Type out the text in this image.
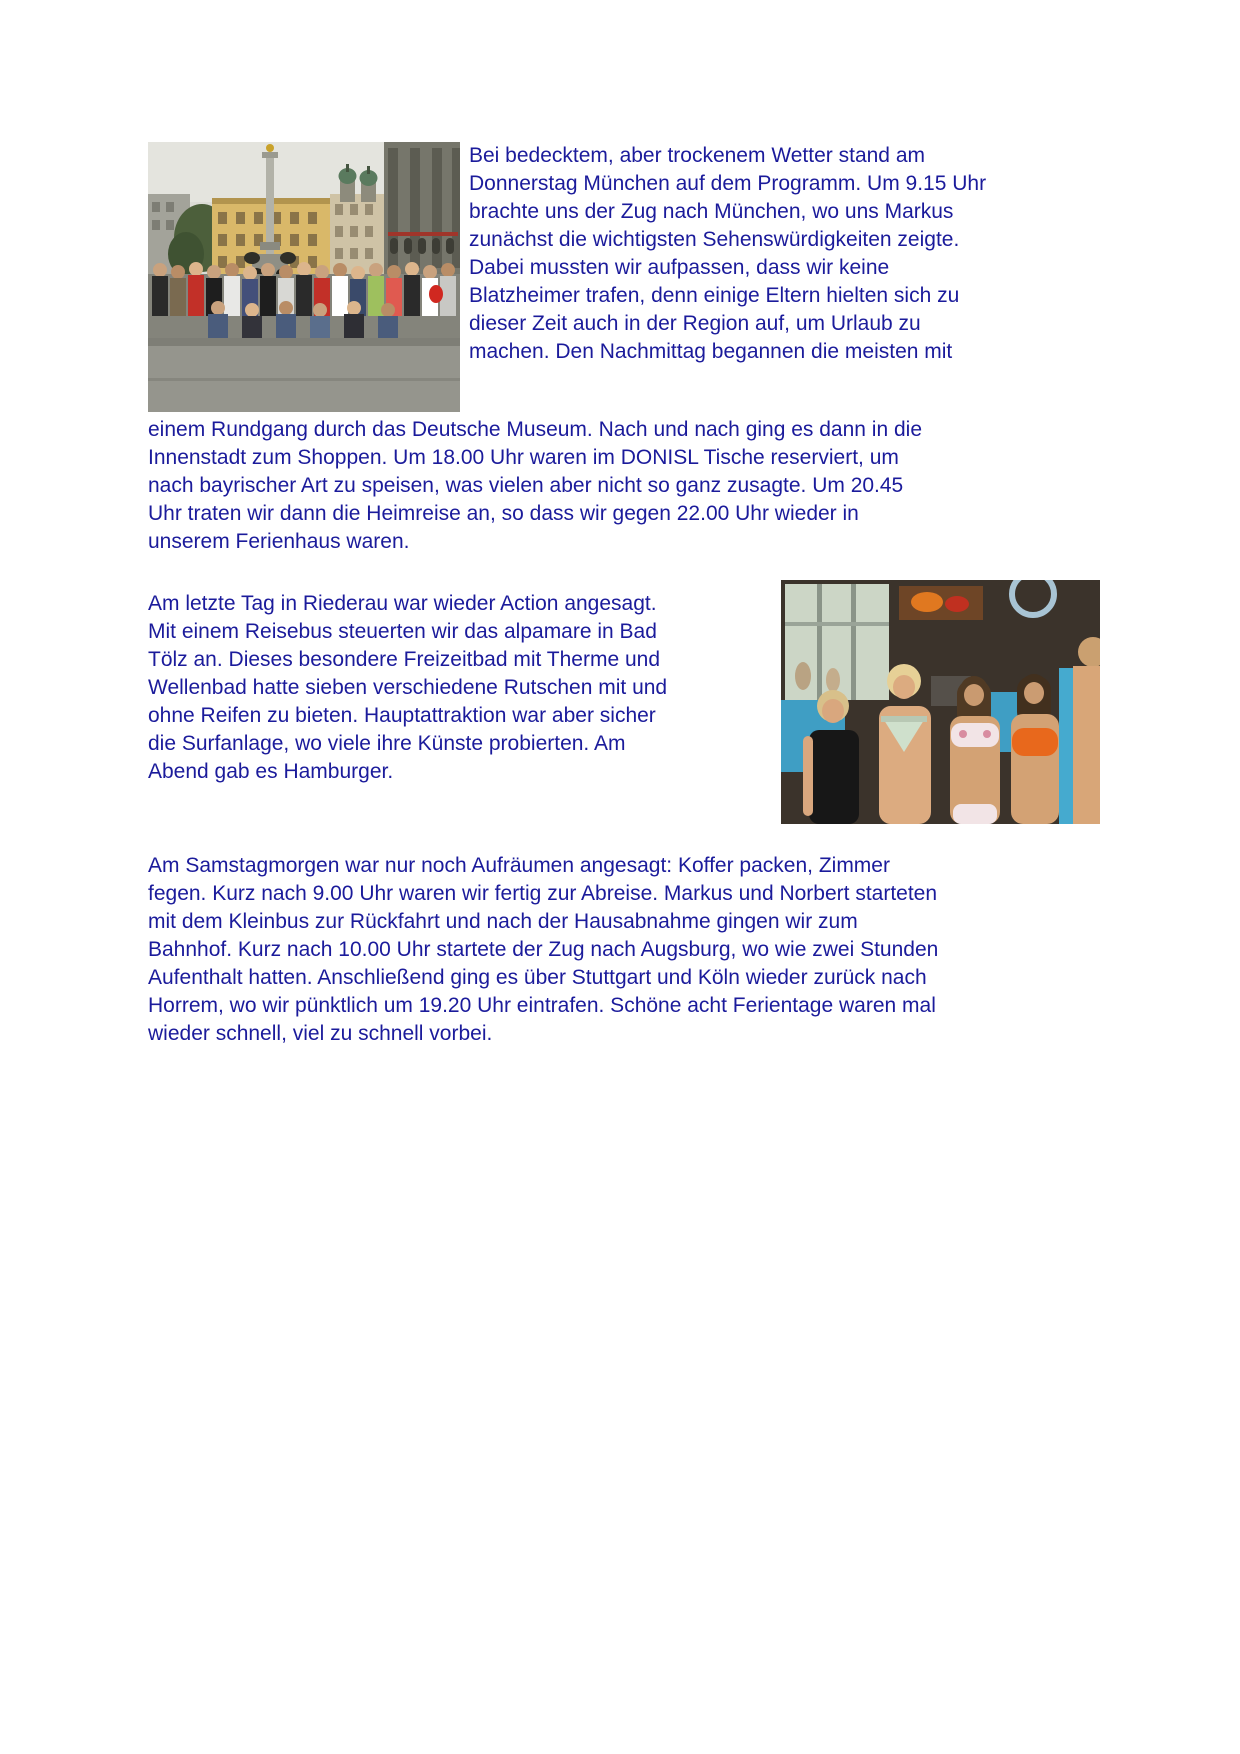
Bei bedecktem, aber trockenem Wetter stand am
Donnerstag München auf dem Programm. Um 9.15 Uhr
brachte uns der Zug nach München, wo uns Markus
zunächst die wichtigsten Sehenswürdigkeiten zeigte.
Dabei mussten wir aufpassen, dass wir keine
Blatzheimer trafen, denn einige Eltern hielten sich zu
dieser Zeit auch in der Region auf, um Urlaub zu
machen. Den Nachmittag begannen die meisten mit
einem Rundgang durch das Deutsche Museum. Nach und nach ging es dann in die
Innenstadt zum Shoppen. Um 18.00 Uhr waren im DONISL Tische reserviert, um
nach bayrischer Art zu speisen, was vielen aber nicht so ganz zusagte. Um 20.45
Uhr traten wir dann die Heimreise an, so dass wir gegen 22.00 Uhr wieder in
unserem Ferienhaus waren.
Am letzte Tag in Riederau war wieder Action angesagt.
Mit einem Reisebus steuerten wir das alpamare in Bad
Tölz an. Dieses besondere Freizeitbad mit Therme und
Wellenbad hatte sieben verschiedene Rutschen mit und
ohne Reifen zu bieten. Hauptattraktion war aber sicher
die Surfanlage, wo viele ihre Künste probierten. Am
Abend gab es Hamburger.
Am Samstagmorgen war nur noch Aufräumen angesagt: Koffer packen, Zimmer
fegen. Kurz nach 9.00 Uhr waren wir fertig zur Abreise. Markus und Norbert starteten
mit dem Kleinbus zur Rückfahrt und nach der Hausabnahme gingen wir zum
Bahnhof. Kurz nach 10.00 Uhr startete der Zug nach Augsburg, wo wie zwei Stunden
Aufenthalt hatten. Anschließend ging es über Stuttgart und Köln wieder zurück nach
Horrem, wo wir pünktlich um 19.20 Uhr eintrafen. Schöne acht Ferientage waren mal
wieder schnell, viel zu schnell vorbei.
